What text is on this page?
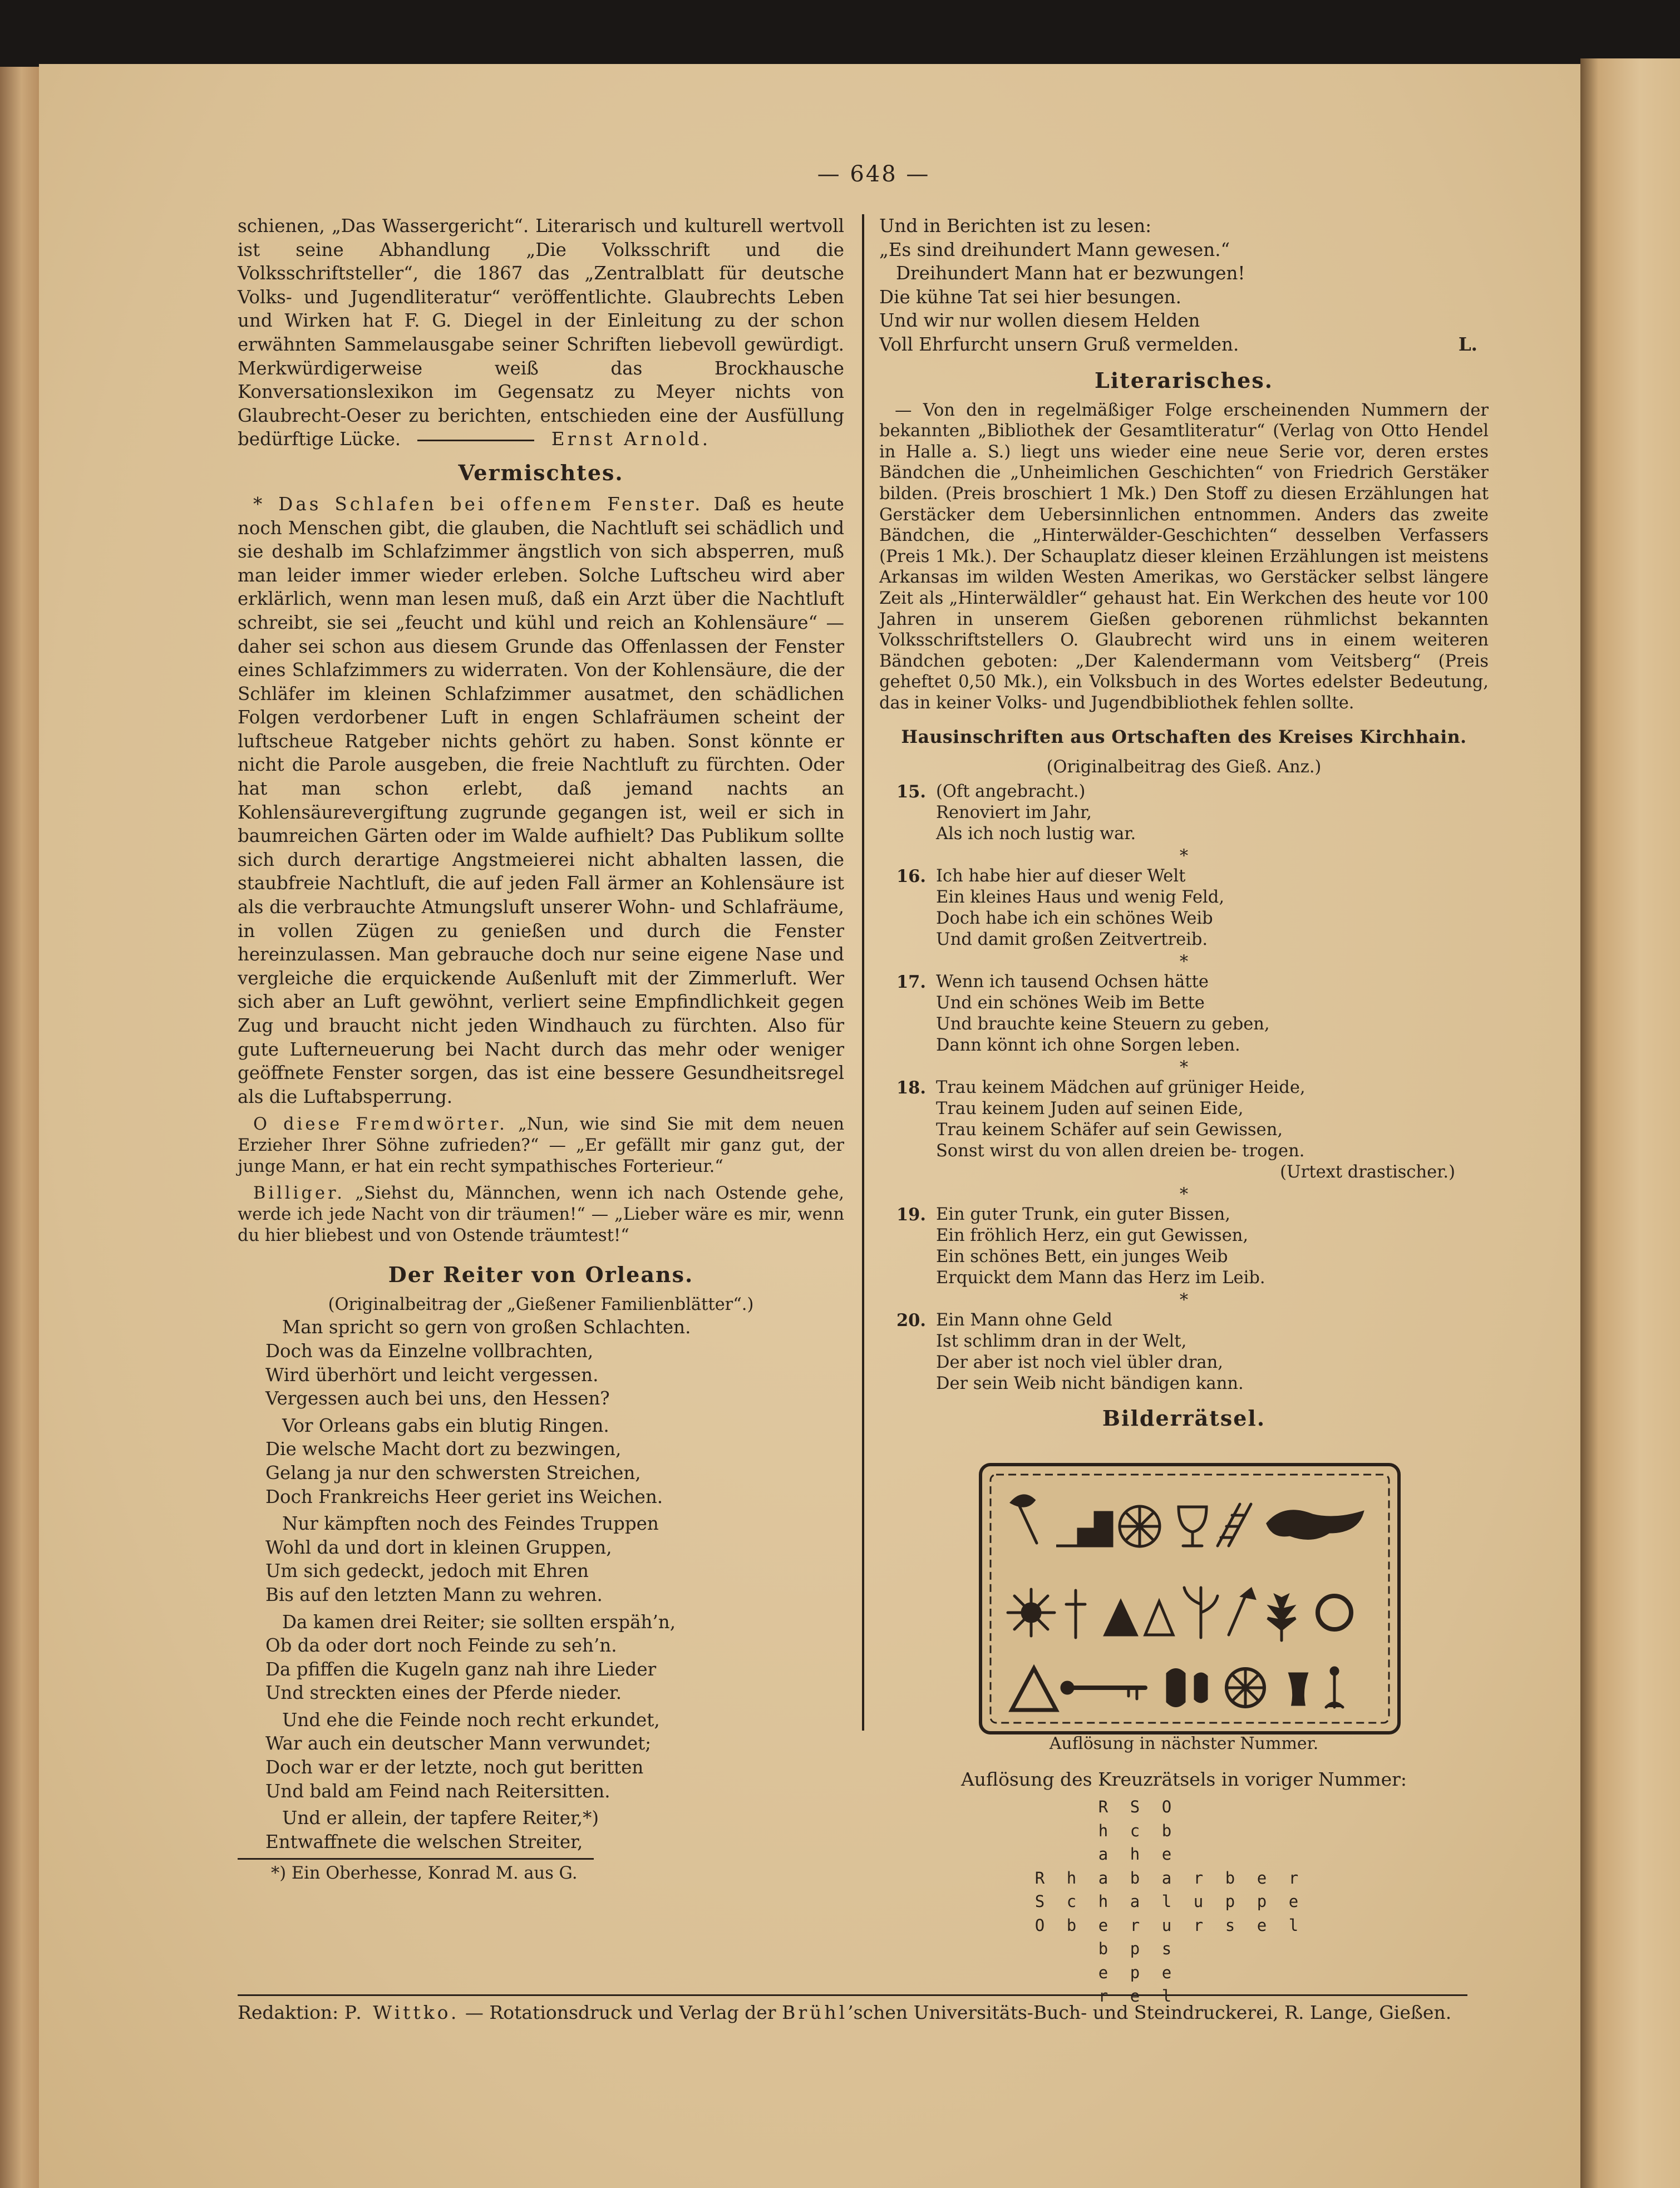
— 648 —

schienen, „Das Wassergericht“. Literarisch und kulturell wertvoll ist seine Abhandlung „Die Volksschrift und die Volksschriftsteller“, die 1867 das „Zentralblatt für deutsche Volks- und Jugendliteratur“ veröffentlichte. Glaubrechts Leben und Wirken hat F. G. Diegel in der Einleitung zu der schon erwähnten Sammelausgabe seiner Schriften liebevoll gewürdigt. Merkwürdigerweise weiß das Brockhausche Konversationslexikon im Gegensatz zu Meyer nichts von Glaubrecht-Oeser zu berichten, entschieden eine der Ausfüllung bedürftige Lücke.	Ernst Arnold.

Vermischtes.

* Das Schlafen bei offenem Fenster. Daß es heute noch Menschen gibt, die glauben, die Nachtluft sei schädlich und sie deshalb im Schlafzimmer ängstlich von sich absperren, muß man leider immer wieder erleben. Solche Luftscheu wird aber erklärlich, wenn man lesen muß, daß ein Arzt über die Nachtluft schreibt, sie sei „feucht und kühl und reich an Kohlensäure“ — daher sei schon aus diesem Grunde das Offenlassen der Fenster eines Schlafzimmers zu widerraten. Von der Kohlensäure, die der Schläfer im kleinen Schlafzimmer ausatmet, den schädlichen Folgen verdorbener Luft in engen Schlafräumen scheint der luftscheue Ratgeber nichts gehört zu haben. Sonst könnte er nicht die Parole ausgeben, die freie Nachtluft zu fürchten. Oder hat man schon erlebt, daß jemand nachts an Kohlensäurevergiftung zugrunde gegangen ist, weil er sich in baumreichen Gärten oder im Walde aufhielt? Das Publikum sollte sich durch derartige Angstmeierei nicht abhalten lassen, die staubfreie Nachtluft, die auf jeden Fall ärmer an Kohlensäure ist als die verbrauchte Atmungsluft unserer Wohn- und Schlafräume, in vollen Zügen zu genießen und durch die Fenster hereinzulassen. Man gebrauche doch nur seine eigene Nase und vergleiche die erquickende Außenluft mit der Zimmerluft. Wer sich aber an Luft gewöhnt, verliert seine Empfindlichkeit gegen Zug und braucht nicht jeden Windhauch zu fürchten. Also für gute Lufterneuerung bei Nacht durch das mehr oder weniger geöffnete Fenster sorgen, das ist eine bessere Gesundheitsregel als die Luftabsperrung.

O diese Fremdwörter. „Nun, wie sind Sie mit dem neuen Erzieher Ihrer Söhne zufrieden?“ — „Er gefällt mir ganz gut, der junge Mann, er hat ein recht sympathisches Forterieur.“

Billiger. „Siehst du, Männchen, wenn ich nach Ostende gehe, werde ich jede Nacht von dir träumen!“ — „Lieber wäre es mir, wenn du hier bliebest und von Ostende träumtest!“

Der Reiter von Orleans.
(Originalbeitrag der „Gießener Familienblätter“.)
Man spricht so gern von großen Schlachten.
Doch was da Einzelne vollbrachten,
Wird überhört und leicht vergessen.
Vergessen auch bei uns, den Hessen?
Vor Orleans gabs ein blutig Ringen.
Die welsche Macht dort zu bezwingen,
Gelang ja nur den schwersten Streichen,
Doch Frankreichs Heer geriet ins Weichen.
Nur kämpften noch des Feindes Truppen
Wohl da und dort in kleinen Gruppen,
Um sich gedeckt, jedoch mit Ehren
Bis auf den letzten Mann zu wehren.
Da kamen drei Reiter; sie sollten erspäh’n,
Ob da oder dort noch Feinde zu seh’n.
Da pfiffen die Kugeln ganz nah ihre Lieder
Und streckten eines der Pferde nieder.
Und ehe die Feinde noch recht erkundet,
War auch ein deutscher Mann verwundet;
Doch war er der letzte, noch gut beritten
Und bald am Feind nach Reitersitten.
Und er allein, der tapfere Reiter,*)
Entwaffnete die welschen Streiter,
*) Ein Oberhesse, Konrad M. aus G.
Und in Berichten ist zu lesen:
„Es sind dreihundert Mann gewesen.“
Dreihundert Mann hat er bezwungen!
Die kühne Tat sei hier besungen.
Und wir nur wollen diesem Helden
Voll Ehrfurcht unsern Gruß vermelden.	L.
Literarisches.

— Von den in regelmäßiger Folge erscheinenden Nummern der bekannten „Bibliothek der Gesamtliteratur“ (Verlag von Otto Hendel in Halle a. S.) liegt uns wieder eine neue Serie vor, deren erstes Bändchen die „Unheimlichen Geschichten“ von Friedrich Gerstäker bilden. (Preis broschiert 1 Mk.) Den Stoff zu diesen Erzählungen hat Gerstäcker dem Uebersinnlichen entnommen. Anders das zweite Bändchen, die „Hinterwälder-Geschichten“ desselben Verfassers (Preis 1 Mk.). Der Schauplatz dieser kleinen Erzählungen ist meistens Arkansas im wilden Westen Amerikas, wo Gerstäcker selbst längere Zeit als „Hinterwäldler“ gehaust hat. Ein Werkchen des heute vor 100 Jahren in unserem Gießen geborenen rühmlichst bekannten Volksschriftstellers O. Glaubrecht wird uns in einem weiteren Bändchen geboten: „Der Kalendermann vom Veitsberg“ (Preis geheftet 0,50 Mk.), ein Volksbuch in des Wortes edelster Bedeutung, das in keiner Volks- und Jugendbibliothek fehlen sollte.

Hausinschriften aus Ortschaften des Kreises Kirchhain.
(Originalbeitrag des Gieß. Anz.)
15. (Oft angebracht.)
Renoviert im Jahr,
Als ich noch lustig war.
*
16. Ich habe hier auf dieser Welt
Ein kleines Haus und wenig Feld,
Doch habe ich ein schönes Weib
Und damit großen Zeitvertreib.
*
17. Wenn ich tausend Ochsen hätte
Und ein schönes Weib im Bette
Und brauchte keine Steuern zu geben,
Dann könnt ich ohne Sorgen leben.
*
18. Trau keinem Mädchen auf grüniger Heide,
Trau keinem Juden auf seinen Eide,
Trau keinem Schäfer auf sein Gewissen,
Sonst wirst du von allen dreien be- trogen.
(Urtext drastischer.)
*
19. Ein guter Trunk, ein guter Bissen,
Ein fröhlich Herz, ein gut Gewissen,
Ein schönes Bett, ein junges Weib
Erquickt dem Mann das Herz im Leib.
*
20. Ein Mann ohne Geld
Ist schlimm dran in der Welt,
Der aber ist noch viel übler dran,
Der sein Weib nicht bändigen kann.
Bilderrätsel.
Auflösung in nächster Nummer.
Auflösung des Kreuzrätsels in voriger Nummer:
R	S	O
h	c	b
a	h	e
R	h	a	b	a	r	b	e	r
S	c	h	a	l	u	p	p	e
O	b	e	r	u	r	s	e	l
b	p	s
e	p	e
r	e	l
Redaktion: P. Wittko. — Rotationsdruck und Verlag der Brühl’schen Universitäts-Buch- und Steindruckerei, R. Lange, Gießen.
